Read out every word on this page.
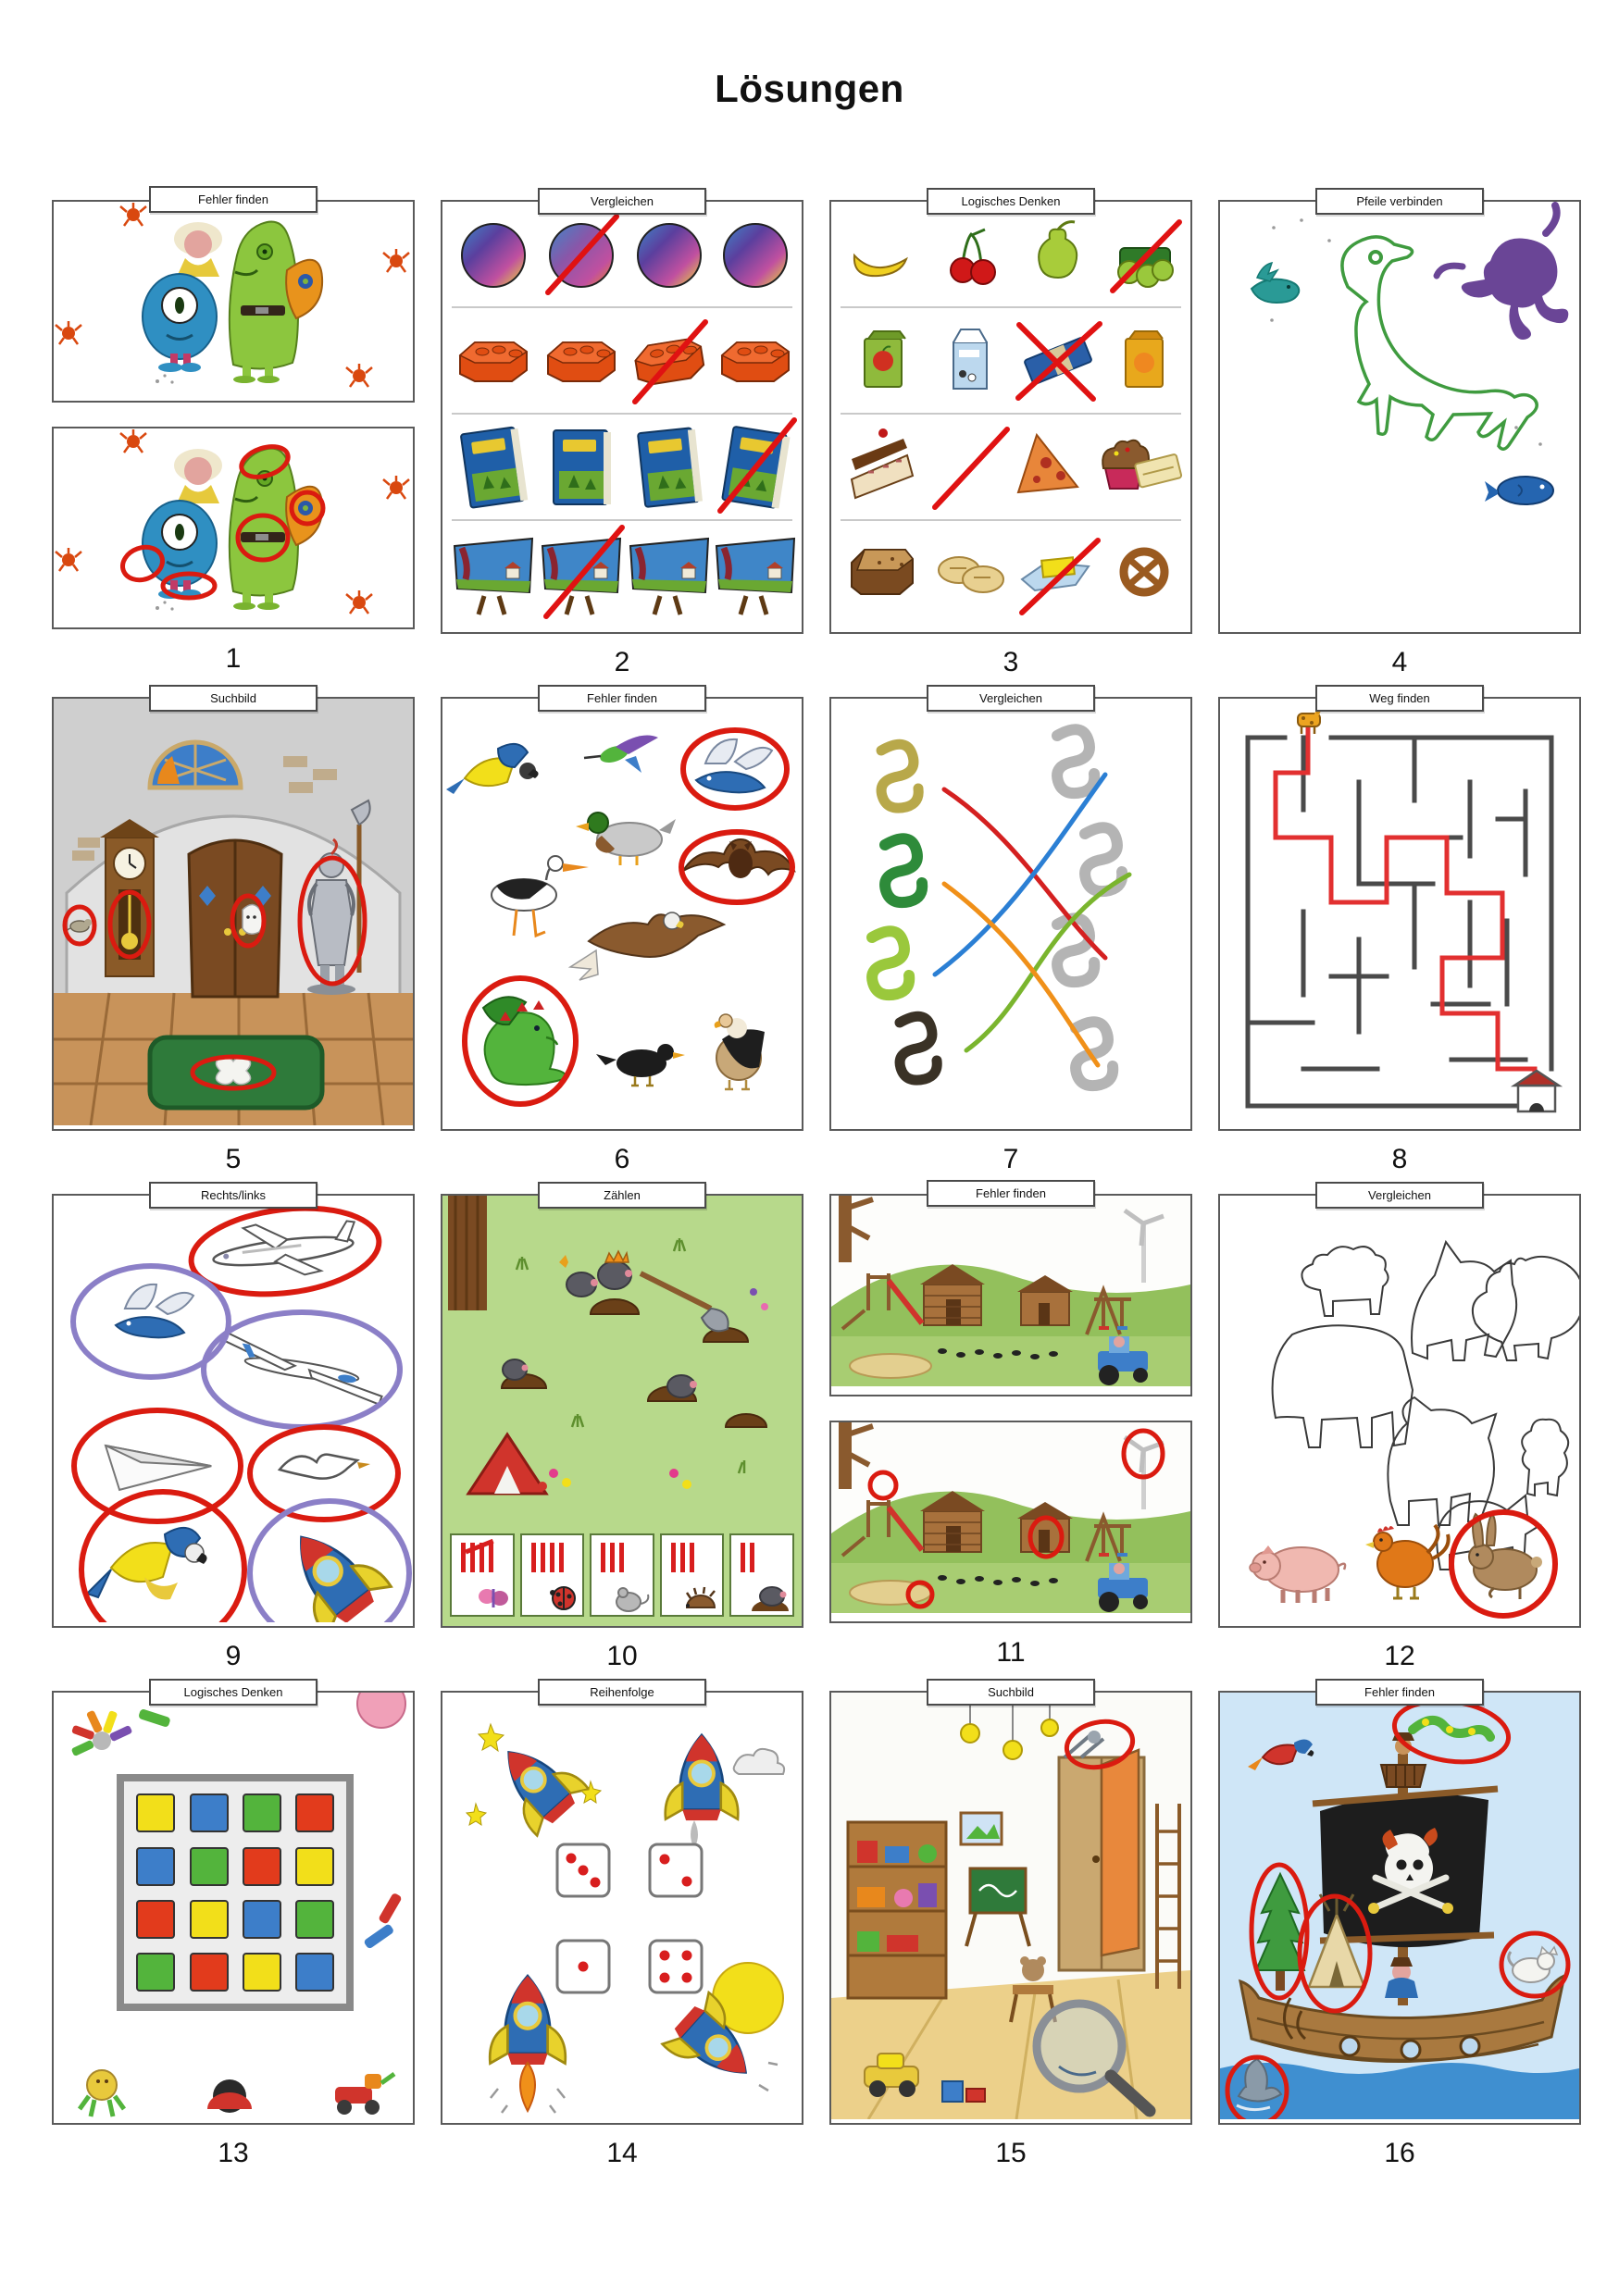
Lösungen
Fehler finden
1
Vergleichen
2
Logisches Denken
3
Pfeile verbinden
4
Suchbild
5
Fehler finden
6
Vergleichen
7
Weg finden
8
Rechts/links
9
Zählen
10
Fehler finden
11
Vergleichen
12
Logisches Denken
13
Reihenfolge
14
Suchbild
15
Fehler finden
16
